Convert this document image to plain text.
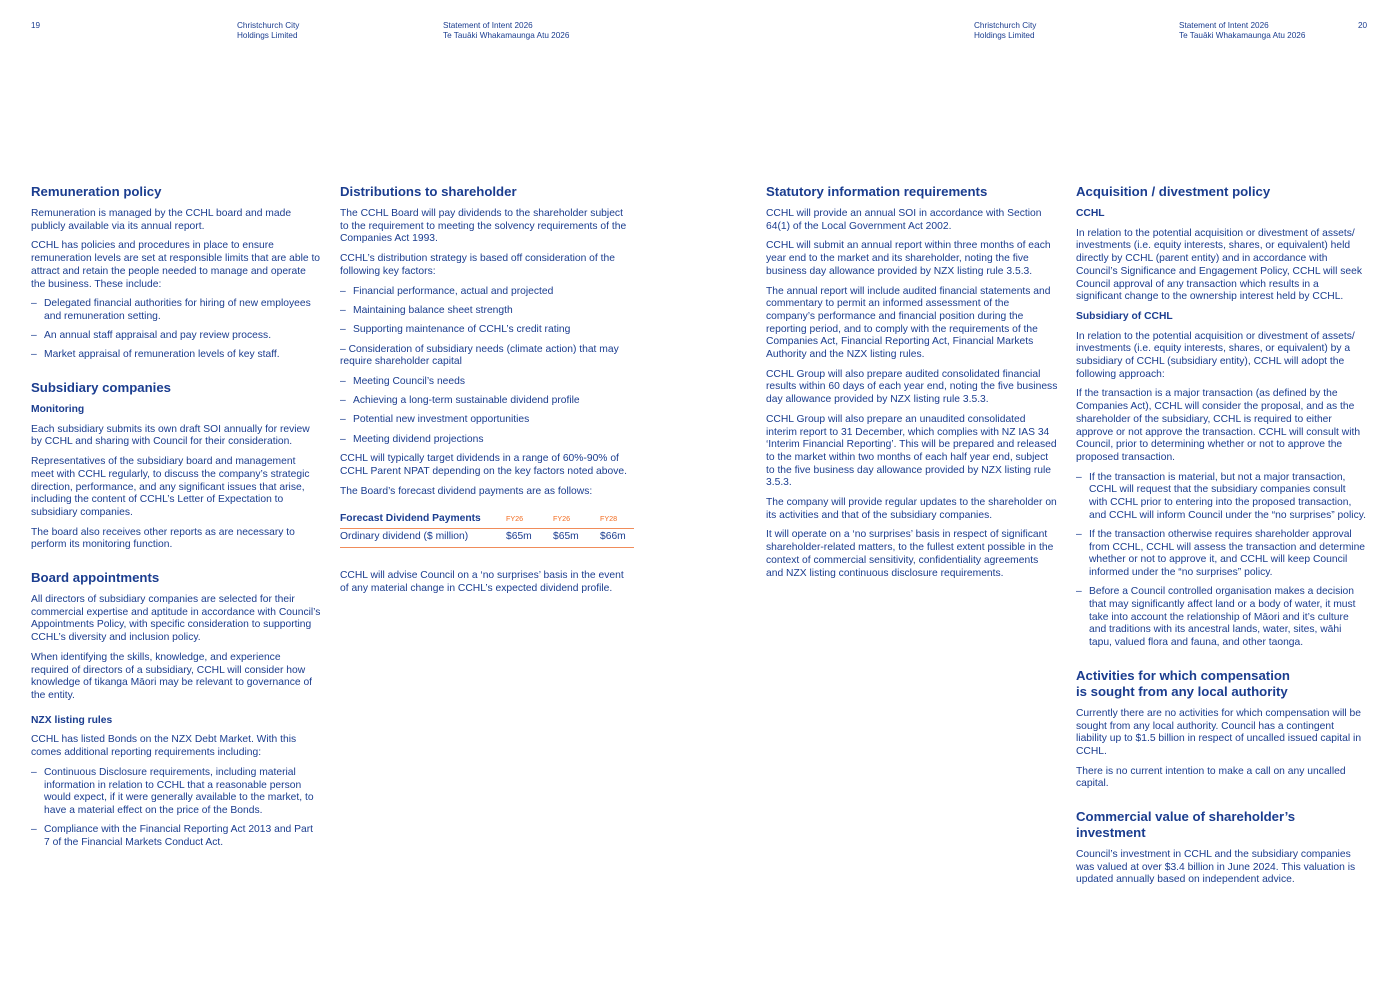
19	Christchurch City
Holdings Limited
Statement of Intent 2026
Te Tauāki Whakamaunga Atu 2026
Christchurch City
Holdings Limited
Statement of Intent 2026
Te Tauāki Whakamaunga Atu 2026
20
Remuneration policy

Remuneration is managed by the CCHL board and made publicly available via its annual report.

CCHL has policies and procedures in place to ensure remuneration levels are set at responsible limits that are able to attract and retain the people needed to manage and operate the business. These include:

– Delegated financial authorities for hiring of new employees and remuneration setting.
– An annual staff appraisal and pay review process.
– Market appraisal of remuneration levels of key staff.
Subsidiary companies
Monitoring

Each subsidiary submits its own draft SOI annually for review by CCHL and sharing with Council for their consideration.

Representatives of the subsidiary board and management meet with CCHL regularly, to discuss the company’s strategic direction, performance, and any significant issues that arise, including the content of CCHL’s Letter of Expectation to subsidiary companies.

The board also receives other reports as are necessary to perform its monitoring function.

Board appointments

All directors of subsidiary companies are selected for their commercial expertise and aptitude in accordance with Council’s Appointments Policy, with specific consideration to supporting CCHL’s diversity and inclusion policy.

When identifying the skills, knowledge, and experience required of directors of a subsidiary, CCHL will consider how knowledge of tikanga Māori may be relevant to governance of the entity.

NZX listing rules

CCHL has listed Bonds on the NZX Debt Market. With this comes additional reporting requirements including:

– Continuous Disclosure requirements, including material information in relation to CCHL that a reasonable person would expect, if it were generally available to the market, to have a material effect on the price of the Bonds.
– Compliance with the Financial Reporting Act 2013 and Part 7 of the Financial Markets Conduct Act.
Distributions to shareholder

The CCHL Board will pay dividends to the shareholder subject to the requirement to meeting the solvency requirements of the Companies Act 1993.

CCHL’s distribution strategy is based off consideration of the following key factors:

– Financial performance, actual and projected
– Maintaining balance sheet strength
– Supporting maintenance of CCHL’s credit rating

– Consideration of subsidiary needs (climate action) that may require shareholder capital

– Meeting Council’s needs
– Achieving a long-term sustainable dividend profile
– Potential new investment opportunities
– Meeting dividend projections

CCHL will typically target dividends in a range of 60%-90% of CCHL Parent NPAT depending on the key factors noted above.

The Board’s forecast dividend payments are as follows:

Forecast Dividend Payments	FY26	FY26	FY28
Ordinary dividend ($ million)	$65m	$65m	$66m

CCHL will advise Council on a ‘no surprises’ basis in the event of any material change in CCHL’s expected dividend profile.

Statutory information requirements

CCHL will provide an annual SOI in accordance with Section 64(1) of the Local Government Act 2002.

CCHL will submit an annual report within three months of each year end to the market and its shareholder, noting the five business day allowance provided by NZX listing rule 3.5.3.

The annual report will include audited financial statements and commentary to permit an informed assessment of the company’s performance and financial position during the reporting period, and to comply with the requirements of the Companies Act, Financial Reporting Act, Financial Markets Authority and the NZX listing rules.

CCHL Group will also prepare audited consolidated financial results within 60 days of each year end, noting the five business day allowance provided by NZX listing rule 3.5.3.

CCHL Group will also prepare an unaudited consolidated interim report to 31 December, which complies with NZ IAS 34 ‘Interim Financial Reporting’. This will be prepared and released to the market within two months of each half year end, subject to the five business day allowance provided by NZX listing rule 3.5.3.

The company will provide regular updates to the shareholder on its activities and that of the subsidiary companies.

It will operate on a ‘no surprises’ basis in respect of significant shareholder-related matters, to the fullest extent possible in the context of commercial sensitivity, confidentiality agreements and NZX listing continuous disclosure requirements.

Acquisition / divestment policy
CCHL

In relation to the potential acquisition or divestment of assets/ investments (i.e. equity interests, shares, or equivalent) held directly by CCHL (parent entity) and in accordance with Council’s Significance and Engagement Policy, CCHL will seek Council approval of any transaction which results in a significant change to the ownership interest held by CCHL.

Subsidiary of CCHL

In relation to the potential acquisition or divestment of assets/ investments (i.e. equity interests, shares, or equivalent) by a subsidiary of CCHL (subsidiary entity), CCHL will adopt the following approach:

If the transaction is a major transaction (as defined by the Companies Act), CCHL will consider the proposal, and as the shareholder of the subsidiary, CCHL is required to either approve or not approve the transaction. CCHL will consult with Council, prior to determining whether or not to approve the proposed transaction.

– If the transaction is material, but not a major transaction, CCHL will request that the subsidiary companies consult with CCHL prior to entering into the proposed transaction, and CCHL will inform Council under the “no surprises” policy.
– If the transaction otherwise requires shareholder approval from CCHL, CCHL will assess the transaction and determine whether or not to approve it, and CCHL will keep Council informed under the “no surprises” policy.
– Before a Council controlled organisation makes a decision that may significantly affect land or a body of water, it must take into account the relationship of Māori and it’s culture and traditions with its ancestral lands, water, sites, wāhi tapu, valued flora and fauna, and other taonga.
Activities for which compensation
is sought from any local authority

Currently there are no activities for which compensation will be sought from any local authority. Council has a contingent liability up to $1.5 billion in respect of uncalled issued capital in CCHL.

There is no current intention to make a call on any uncalled capital.

Commercial value of shareholder’s investment

Council’s investment in CCHL and the subsidiary companies was valued at over $3.4 billion in June 2024. This valuation is updated annually based on independent advice.
